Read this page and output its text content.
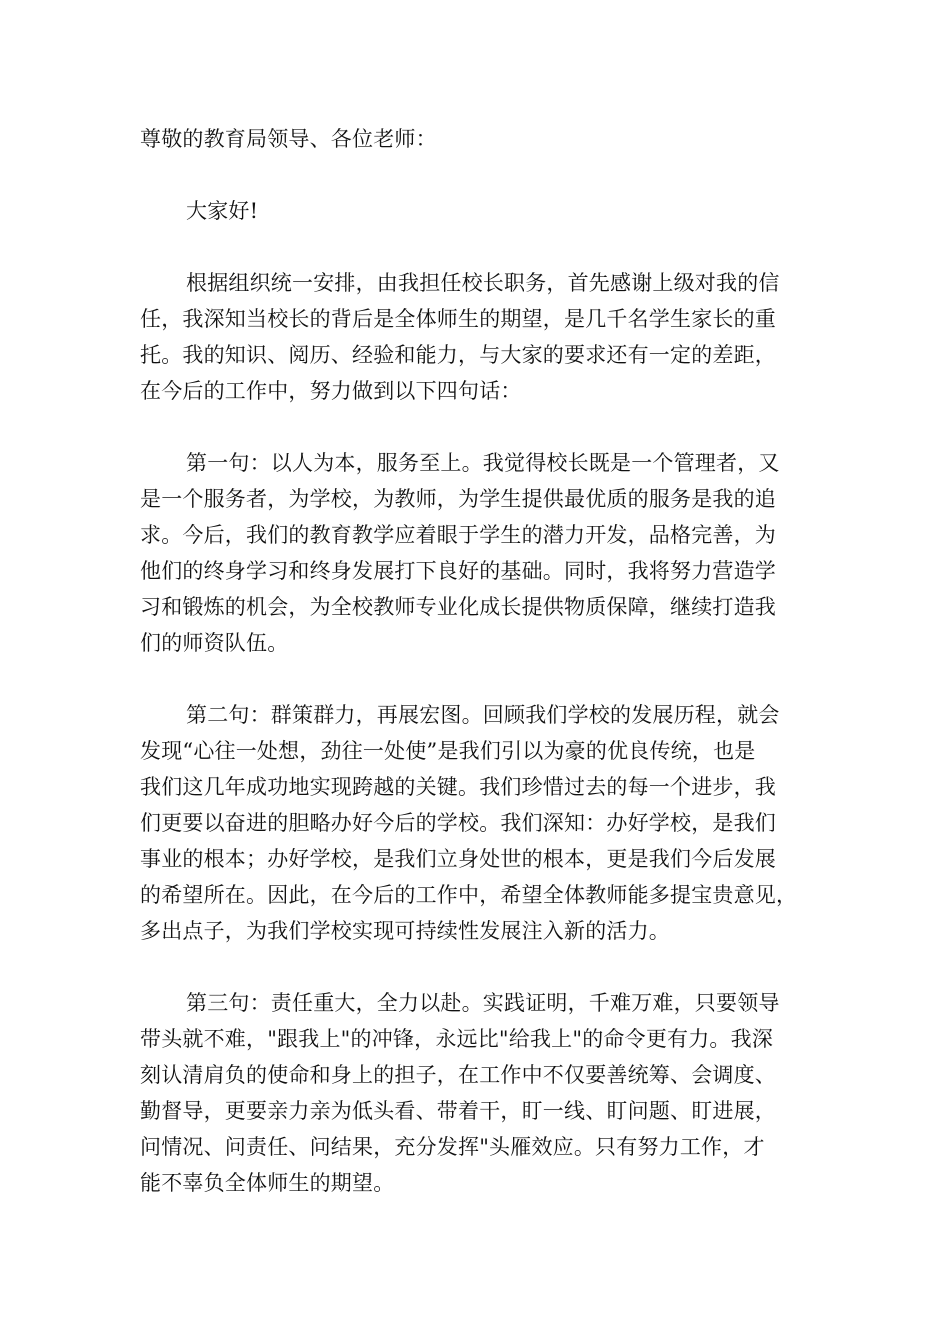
尊敬的教育局领导、各位老师：
大家好!
根据组织统一安排，由我担任校长职务，首先感谢上级对我的信
任，我深知当校长的背后是全体师生的期望，是几千名学生家长的重
托。我的知识、阅历、经验和能力，与大家的要求还有一定的差距，
在今后的工作中，努力做到以下四句话：
第一句：以人为本，服务至上。我觉得校长既是一个管理者，又
是一个服务者，为学校，为教师，为学生提供最优质的服务是我的追
求。今后，我们的教育教学应着眼于学生的潜力开发，品格完善，为
他们的终身学习和终身发展打下良好的基础。同时，我将努力营造学
习和锻炼的机会，为全校教师专业化成长提供物质保障，继续打造我
们的师资队伍。
第二句：群策群力，再展宏图。回顾我们学校的发展历程，就会
发现“心往一处想，劲往一处使”是我们引以为豪的优良传统，也是
我们这几年成功地实现跨越的关键。我们珍惜过去的每一个进步，我
们更要以奋进的胆略办好今后的学校。我们深知：办好学校，是我们
事业的根本；办好学校，是我们立身处世的根本，更是我们今后发展
的希望所在。因此，在今后的工作中，希望全体教师能多提宝贵意见，
多出点子，为我们学校实现可持续性发展注入新的活力。
第三句：责任重大，全力以赴。实践证明，千难万难，只要领导
带头就不难，"跟我上"的冲锋，永远比"给我上"的命令更有力。我深
刻认清肩负的使命和身上的担子，在工作中不仅要善统筹、会调度、
勤督导，更要亲力亲为低头看、带着干，盯一线、盯问题、盯进展，
问情况、问责任、问结果，充分发挥"头雁效应。只有努力工作，才
能不辜负全体师生的期望。
